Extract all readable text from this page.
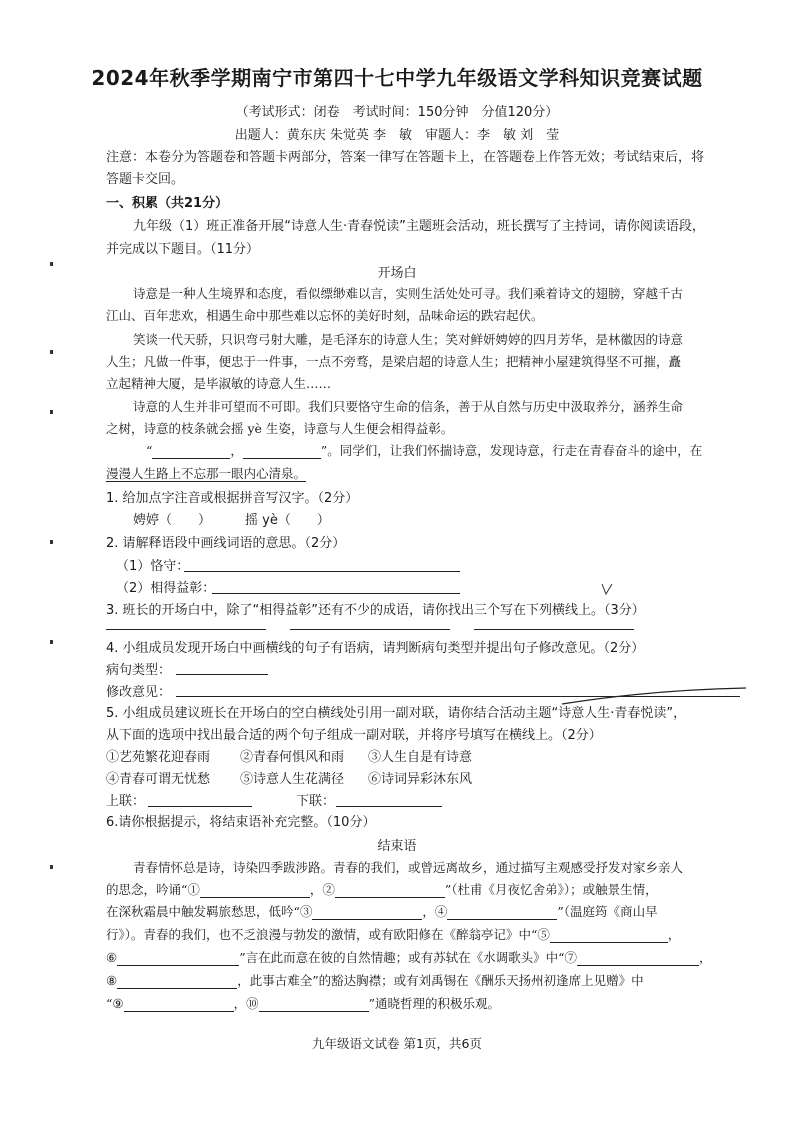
2024年秋季学期南宁市第四十七中学九年级语文学科知识竞赛试题
（考试形式：闭卷　考试时间：150分钟　分值120分）
出题人：黄东庆 朱觉英 李　敏　审题人：李　敏 刘　莹
注意：本卷分为答题卷和答题卡两部分，答案一律写在答题卡上，在答题卷上作答无效；考试结束后，将
答题卡交回。
一、积累（共21分）
九年级（1）班正准备开展“诗意人生·青春悦读”主题班会活动，班长撰写了主持词，请你阅读语段，
并完成以下题目。（11分）
开场白
诗意是一种人生境界和态度，看似缥缈难以言，实则生活处处可寻。我们乘着诗文的翅膀，穿越千古
江山、百年悲欢，相遇生命中那些难以忘怀的美好时刻，品味命运的跌宕起伏。
笑谈一代天骄，只识弯弓射大雕，是毛泽东的诗意人生；笑对鲜妍娉婷的四月芳华，是林徽因的诗意
人生；凡做一件事，便忠于一件事，一点不旁骛，是梁启超的诗意人生；把精神小屋建筑得坚不可摧，矗
立起精神大厦，是毕淑敏的诗意人生……
诗意的人生并非可望而不可即。我们只要恪守生命的信条，善于从自然与历史中汲取养分，涵养生命
之树，诗意的枝条就会摇 yè 生姿，诗意与人生便会相得益彰。
“	，	”。同学们，让我们怀揣诗意，发现诗意，行走在青春奋斗的途中，在
漫漫人生路上不忘那一眼内心清泉。
1. 给加点字注音或根据拼音写汉字。（2分）
娉婷（　　）	摇 yè（　　）
2. 请解释语段中画线词语的意思。（2分）
（1）恪守：
（2）相得益彰：
3. 班长的开场白中，除了“相得益彰”还有不少的成语，请你找出三个写在下列横线上。（3分）
4. 小组成员发现开场白中画横线的句子有语病，请判断病句类型并提出句子修改意见。（2分）
病句类型：
修改意见：
5. 小组成员建议班长在开场白的空白横线处引用一副对联，请你结合活动主题“诗意人生·青春悦读”，
从下面的选项中找出最合适的两个句子组成一副对联，并将序号填写在横线上。（2分）
①艺苑繁花迎春雨 ②青春何惧风和雨 ③人生自是有诗意
④青春可谓无忧愁 ⑤诗意人生花满径 ⑥诗词异彩沐东风
上联：	下联：
6.请你根据提示，将结束语补充完整。（10分）
结束语
青春情怀总是诗，诗染四季跋涉路。青春的我们，或曾远离故乡，通过描写主观感受抒发对家乡亲人
的思念，吟诵“①	，②	”（杜甫《月夜忆舍弟》）；或触景生情，
在深秋霜晨中触发羁旅愁思，低吟“③	，④	”（温庭筠《商山早
行》）。青春的我们，也不乏浪漫与勃发的激情，或有欧阳修在《醉翁亭记》中“⑤	，
⑥	”言在此而意在彼的自然情趣；或有苏轼在《水调歌头》中“⑦	，
⑧	，此事古难全”的豁达胸襟；或有刘禹锡在《酬乐天扬州初逢席上见赠》中
“⑨	，⑩	”通晓哲理的积极乐观。
九年级语文试卷 第1页，共6页
